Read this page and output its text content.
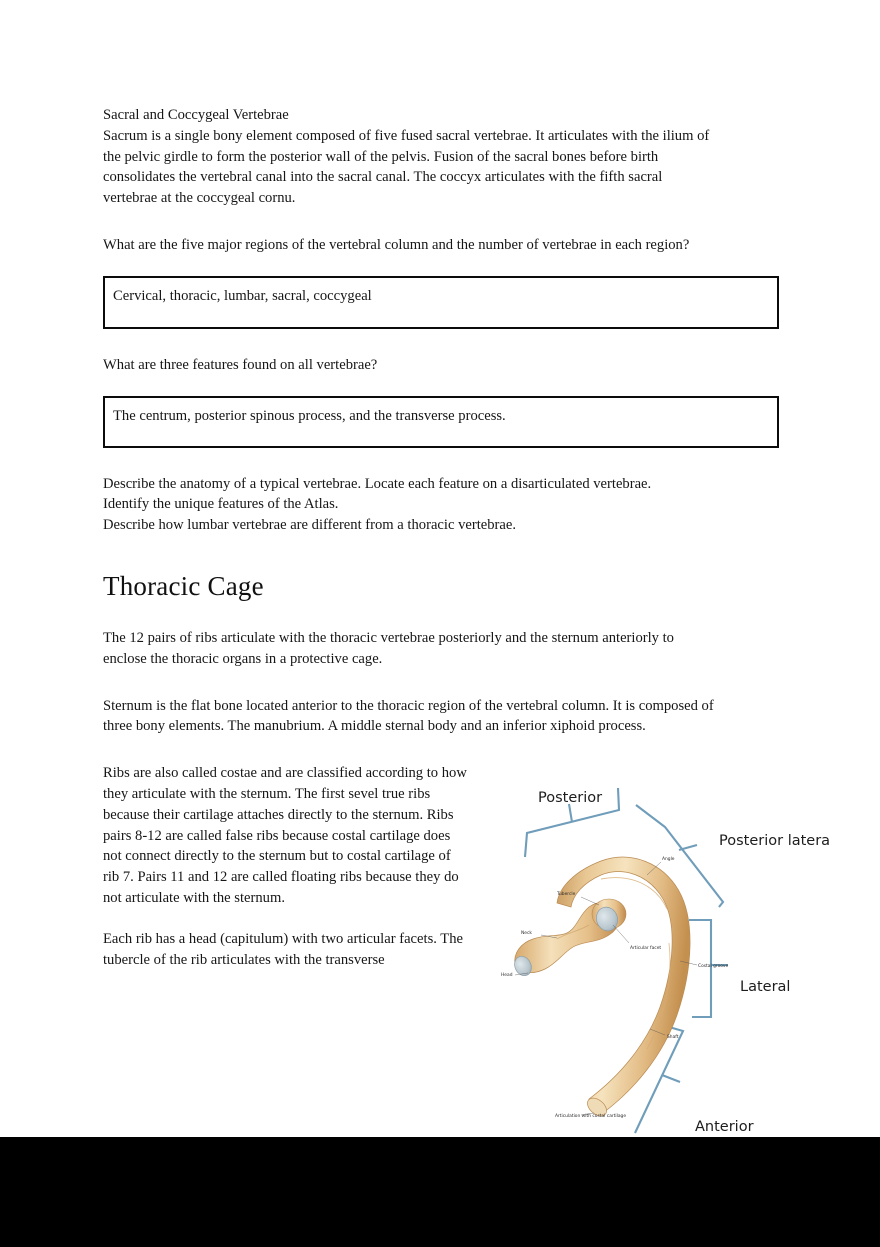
Sacral and Coccygeal Vertebrae

Sacrum is a single bony element composed of five fused sacral vertebrae. It articulates with the ilium of the pelvic girdle to form the posterior wall of the pelvis. Fusion of the sacral bones before birth consolidates the vertebral canal into the sacral canal. The coccyx articulates with the fifth sacral vertebrae at the coccygeal cornu.

What are the five major regions of the vertebral column and the number of vertebrae in each region?

Cervical, thoracic, lumbar, sacral, coccygeal

What are three features found on all vertebrae?

The centrum, posterior spinous process, and the transverse process.

Describe the anatomy of a typical vertebrae. Locate each feature on a disarticulated vertebrae.

Identify the unique features of the Atlas.

Describe how lumbar vertebrae are different from a thoracic vertebrae.

Thoracic Cage

The 12 pairs of ribs articulate with the thoracic vertebrae posteriorly and the sternum anteriorly to enclose the thoracic organs in a protective cage.

Sternum is the flat bone located anterior to the thoracic region of the vertebral column. It is composed of three bony elements. The manubrium. A middle sternal body and an inferior xiphoid process.

Ribs are also called costae and are classified according to how they articulate with the sternum. The first sevel true ribs because their cartilage attaches directly to the sternum. Ribs pairs 8-12 are called false ribs because costal cartilage does not connect directly to the sternum but to costal cartilage of rib 7. Pairs 11 and 12 are called floating ribs because they do not articulate with the sternum.

Each rib has a head (capitulum) with two articular facets. The tubercle of the rib articulates with the transverse

Head
Neck
Tubercle
Articular facet
Angle
Costal groove
Shaft
Articulation with costal cartilage
Posterior
Posterior latera
Lateral
Anterior
